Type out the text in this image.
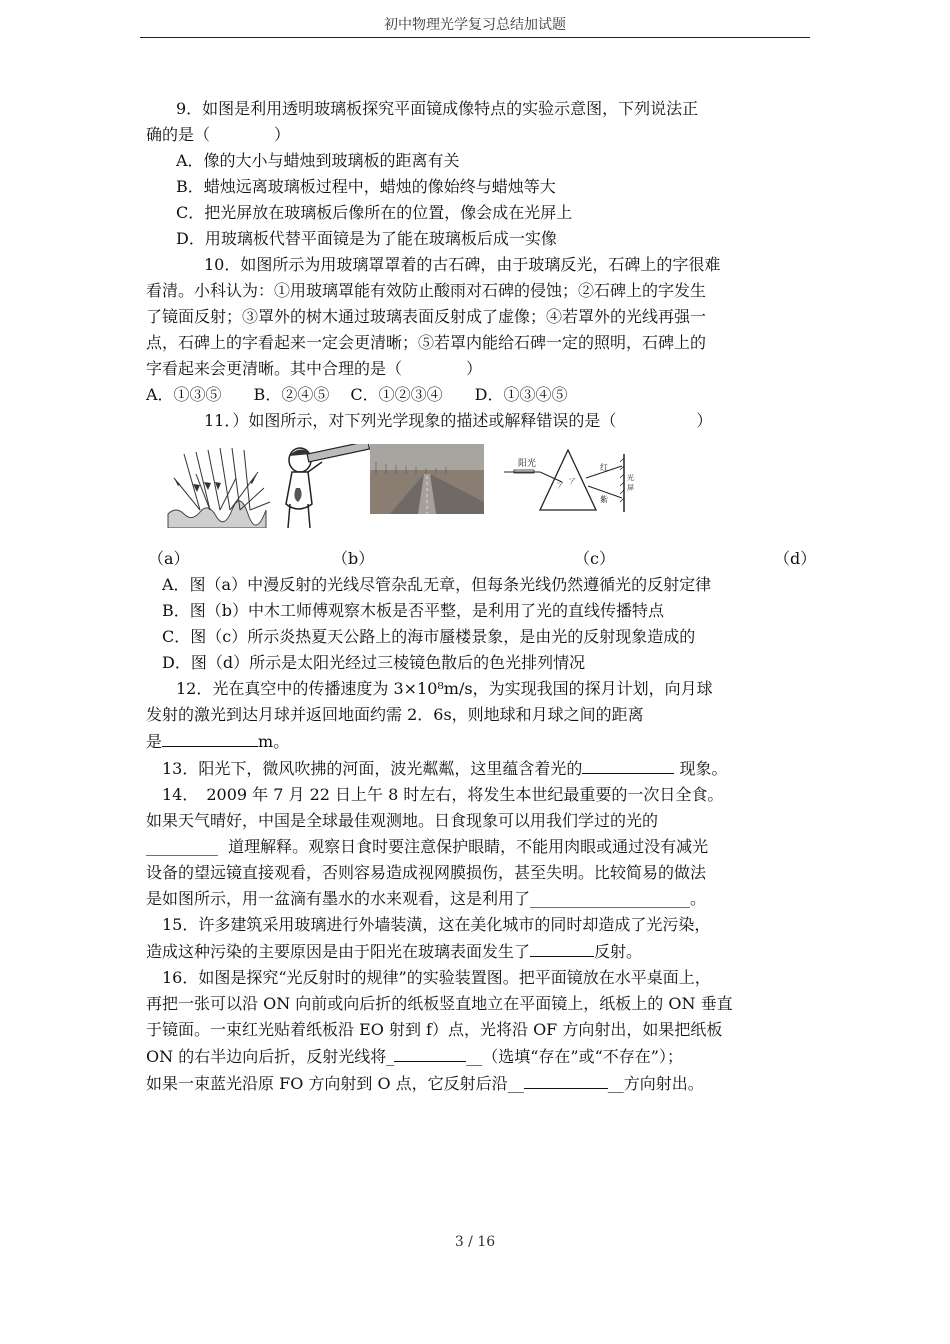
初中物理光学复习总结加试题

9．如图是利用透明玻璃板探究平面镜成像特点的实验示意图，下列说法正

确的是（　　　　）

A．像的大小与蜡烛到玻璃板的距离有关

B．蜡烛远离玻璃板过程中，蜡烛的像始终与蜡烛等大

C．把光屏放在玻璃板后像所在的位置，像会成在光屏上

D．用玻璃板代替平面镜是为了能在玻璃板后成一实像

10．如图所示为用玻璃罩罩着的古石碑，由于玻璃反光，石碑上的字很难

看清。小科认为：①用玻璃罩能有效防止酸雨对石碑的侵蚀；②石碑上的字发生

了镜面反射；③罩外的树木通过玻璃表面反射成了虚像；④若罩外的光线再强一

点，石碑上的字看起来一定会更清晰；⑤若罩内能给石碑一定的照明，石碑上的

字看起来会更清晰。其中合理的是（　　　　）

A．①③⑤　　B．②④⑤　 C．①②③④　　D．①③④⑤

11．）如图所示，对下列光学现象的描述或解释错误的是（　　　　　）

阳光
ア ア
红
紫
光
屏
（a）	（b）	（c）	（d）

A．图（a）中漫反射的光线尽管杂乱无章，但每条光线仍然遵循光的反射定律

B．图（b）中木工师傅观察木板是否平整，是利用了光的直线传播特点

C．图（c）所示炎热夏天公路上的海市蜃楼景象，是由光的反射现象造成的

D．图（d）所示是太阳光经过三棱镜色散后的色光排列情况

12．光在真空中的传播速度为 3×10⁸m/s，为实现我国的探月计划，向月球

发射的激光到达月球并返回地面约需 2．6s，则地球和月球之间的距离

是	m。

13．阳光下，微风吹拂的河面，波光粼粼，这里蕴含着光的	现象。

14．　2009 年 7 月 22 日上午 8 时左右，将发生本世纪最重要的一次日全食。

如果天气晴好，中国是全球最佳观测地。日食现象可以用我们学过的光的

_________ 道理解释。观察日食时要注意保护眼睛，不能用肉眼或通过没有减光

设备的望远镜直接观看，否则容易造成视网膜损伤，甚至失明。比较简易的做法

是如图所示，用一盆滴有墨水的水来观看，这是利用了____________________。

15．许多建筑采用玻璃进行外墙装潢，这在美化城市的同时却造成了光污染，

造成这种污染的主要原因是由于阳光在玻璃表面发生了	反射。

16．如图是探究“光反射时的规律”的实验装置图。把平面镜放在水平桌面上，

再把一张可以沿 ON 向前或向后折的纸板竖直地立在平面镜上，纸板上的 ON 垂直

于镜面。一束红光贴着纸板沿 EO 射到 f）点，光将沿 OF 方向射出，如果把纸板

ON 的右半边向后折，反射光线将_	__（选填“存在”或“不存在”）；

如果一束蓝光沿原 FO 方向射到 O 点，它反射后沿__	__方向射出。

3 / 16
